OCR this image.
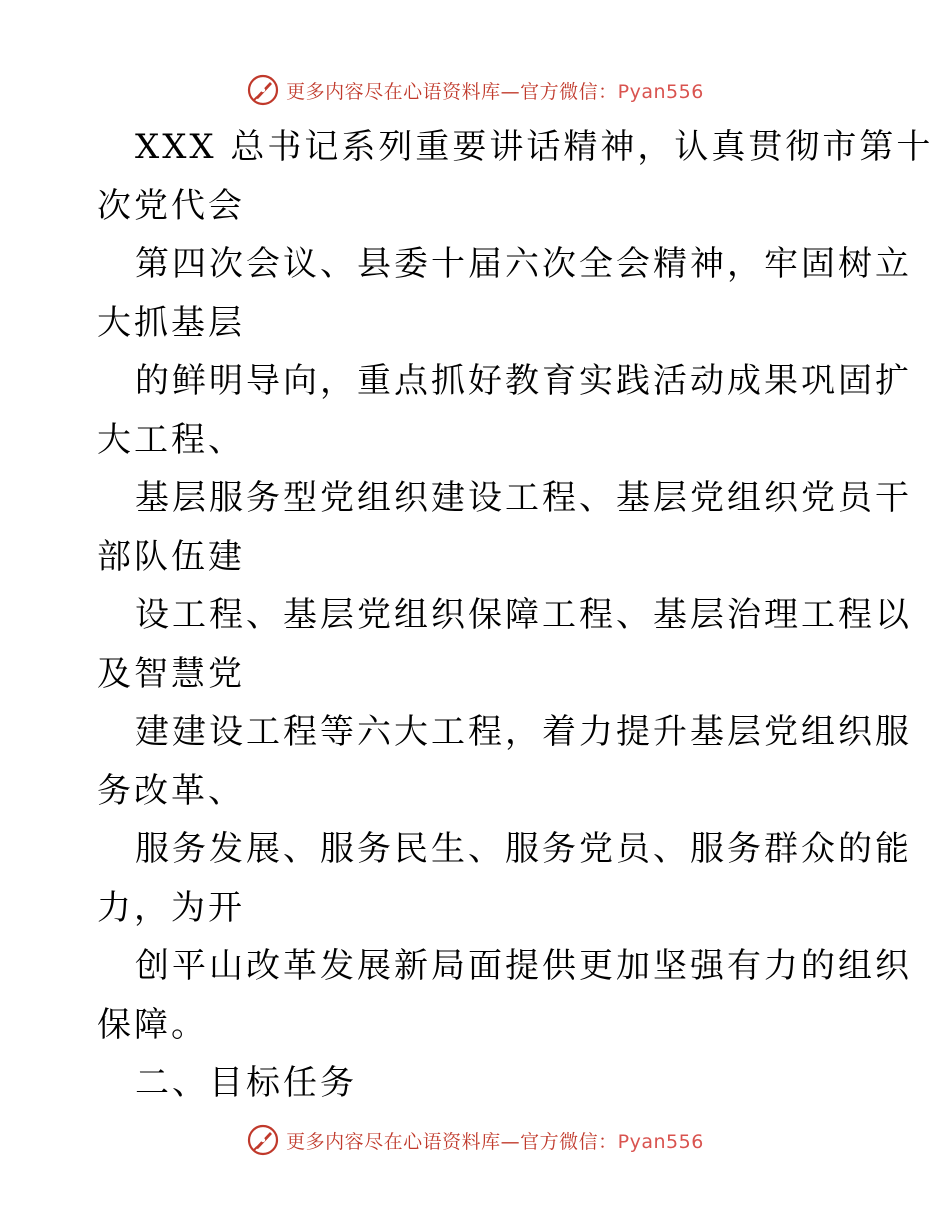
更多内容尽在心语资料库—官方微信：Pyan556
XXX 总书记系列重要讲话精神，认真贯彻市第十
次党代会
第四次会议、县委十届六次全会精神，牢固树立
大抓基层
的鲜明导向，重点抓好教育实践活动成果巩固扩
大工程、
基层服务型党组织建设工程、基层党组织党员干
部队伍建
设工程、基层党组织保障工程、基层治理工程以
及智慧党
建建设工程等六大工程，着力提升基层党组织服
务改革、
服务发展、服务民生、服务党员、服务群众的能
力，为开
创平山改革发展新局面提供更加坚强有力的组织
保障。
二、目标任务
更多内容尽在心语资料库—官方微信：Pyan556
